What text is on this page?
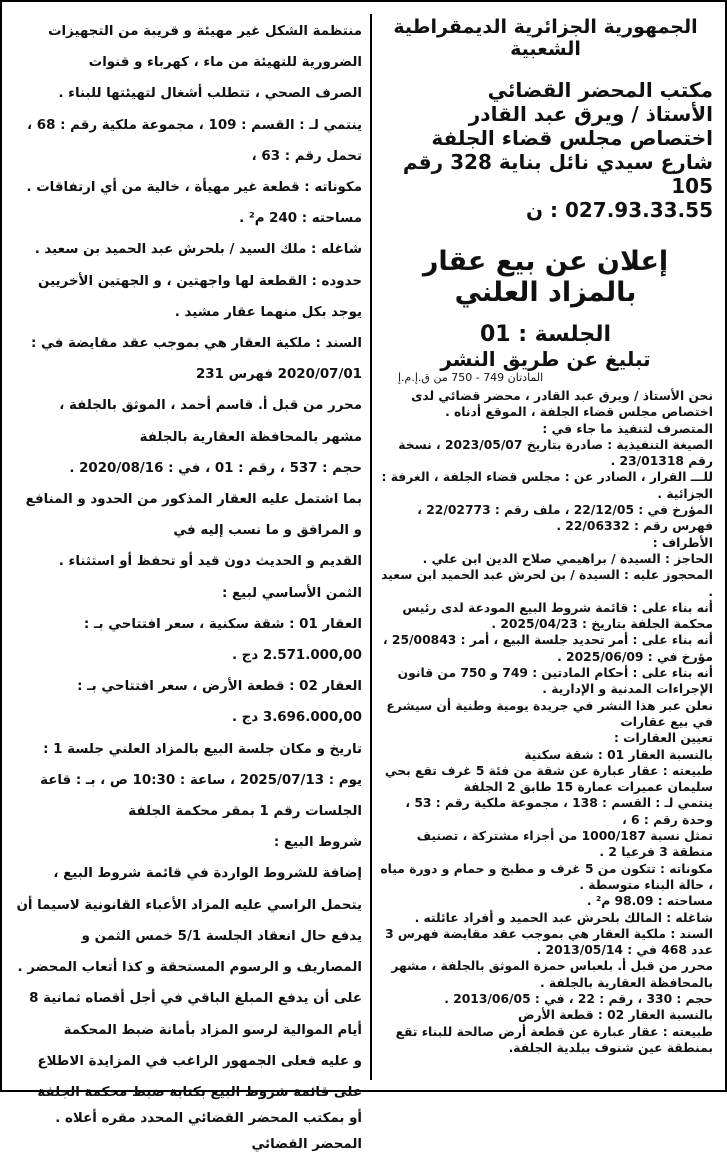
الجمهورية الجزائرية الديمقراطية الشعبية
مكتب المحضر القضائي
الأستاذ / ويرق عبد القادر
اختصاص مجلس قضاء الجلفة
شارع سيدي نائل بناية 328 رقم 105
027.93.33.55 : ن
إعلان عن بيع عقار بالمزاد العلني
الجلسة : 01
تبليغ عن طريق النشر
المادتان 749 - 750 من ق.إ.م.إ

نحن الأستاذ / ويرق عبد القادر ، محضر قضائي لدى اختصاص مجلس قضاء الجلفة ، الموقع أدناه .

المتصرف لتنفيذ ما جاء في :

الصيغة التنفيذية : صادرة بتاريخ 2023/05/07 ، نسخة رقم 23/01318 .

للـــ القرار ، الصادر عن : مجلس قضاء الجلفة ، الغرفة : الجزائية .

المؤرخ في : 22/12/05 ، ملف رقم : 22/02773 ، فهرس رقم : 22/06332 .

الأطراف :

الحاجز : السيدة / براهيمي صلاح الدين ابن علي .

المحجوز عليه : السيدة / بن لحرش عبد الحميد ابن سعيد .

أنه بناء على : قائمة شروط البيع المودعة لدى رئيس محكمة الجلفة بتاريخ : 2025/04/23 .

أنه بناء على : أمر تحديد جلسة البيع ، أمر : 25/00843 ، مؤرخ في : 2025/06/09 .

أنه بناء على : أحكام المادتين : 749 و 750 من قانون الإجراءات المدنية و الإدارية .

نعلن عبر هذا النشر في جريدة يومية وطنية أن سيشرع في بيع عقارات

تعيين العقارات :

بالنسبة العقار 01 : شقة سكنية

طبيعته : عقار عبارة عن شقة من فئة 5 غرف تقع بحي سليمان عميرات عمارة 15 طابق 2 الجلفة

ينتمي لـ : القسم : 138 ، مجموعة ملكية رقم : 53 ، وحدة رقم : 6 ،

تمثل نسبة 1000/187 من أجزاء مشتركة ، تصنيف منطقة 3 فرعيا 2 .

مكوناته : تتكون من 5 غرف و مطبخ و حمام و دورة مياه ، حالة البناء متوسطة .

مساحته : 98.09 م² .

شاغله : المالك بلحرش عبد الحميد و أفراد عائلته .

السند : ملكية العقار هي بموجب عقد مقايضة فهرس 3 عدد 468 في : 2013/05/14 .

محرر من قبل أ. بلعباس حمزة الموثق بالجلفة ، مشهر بالمحافظة العقارية بالجلفة .

حجم : 330 ، رقم : 22 ، في : 2013/06/05 .

بالنسبة العقار 02 : قطعة الأرض

طبيعته : عقار عبارة عن قطعة أرض صالحة للبناء تقع بمنطقة عين شنوف ببلدية الجلفة.

منتظمة الشكل غير مهيئة و قريبة من التجهيزات الضرورية للتهيئة من ماء ، كهرباء و قنوات

الصرف الصحي ، تتطلب أشغال لتهيئتها للبناء .

ينتمي لـ : القسم : 109 ، مجموعة ملكية رقم : 68 ، تحمل رقم : 63 ،

مكوناته : قطعة غير مهيأة ، خالية من أي ارتفاقات .

مساحته : 240 م² .

شاغله : ملك السيد / بلحرش عبد الحميد بن سعيد .

حدوده : القطعة لها واجهتين ، و الجهتين الأخريين يوجد بكل منهما عقار مشيد .

السند : ملكية العقار هي بموجب عقد مقايضة في : 2020/07/01 فهرس 231

محرر من قبل أ. قاسم أحمد ، الموثق بالجلفة ، مشهر بالمحافظة العقارية بالجلفة

حجم : 537 ، رقم : 01 ، في : 2020/08/16 .

بما اشتمل عليه العقار المذكور من الحدود و المنافع و المرافق و ما نسب إليه في

القديم و الحديث دون قيد أو تحفظ أو استثناء .

الثمن الأساسي لبيع :

العقار 01 : شقة سكنية ، سعر افتتاحي بـ :

2.571.000,00 دج .

العقار 02 : قطعة الأرض ، سعر افتتاحي بـ :

3.696.000,00 دج .

تاريخ و مكان جلسة البيع بالمزاد العلني جلسة 1 :

يوم : 2025/07/13 ، ساعة : 10:30 ص ، بـ : قاعة الجلسات رقم 1 بمقر محكمة الجلفة

شروط البيع :

إضافة للشروط الواردة في قائمة شروط البيع ، يتحمل الراسي عليه المزاد الأعباء القانونية لاسيما أن يدفع حال انعقاد الجلسة 5/1 خمس الثمن و المصاريف و الرسوم المستحقة و كذا أتعاب المحضر .

على أن يدفع المبلغ الباقي في أجل أقصاه ثمانية 8 أيام الموالية لرسو المزاد بأمانة ضبط المحكمة

و عليه فعلى الجمهور الراغب في المزايدة الاطلاع على قائمة شروط البيع بكتابة ضبط محكمة الجلفة

أو بمكتب المحضر القضائي المحدد مقره أعلاه .

المحضر القضائي
